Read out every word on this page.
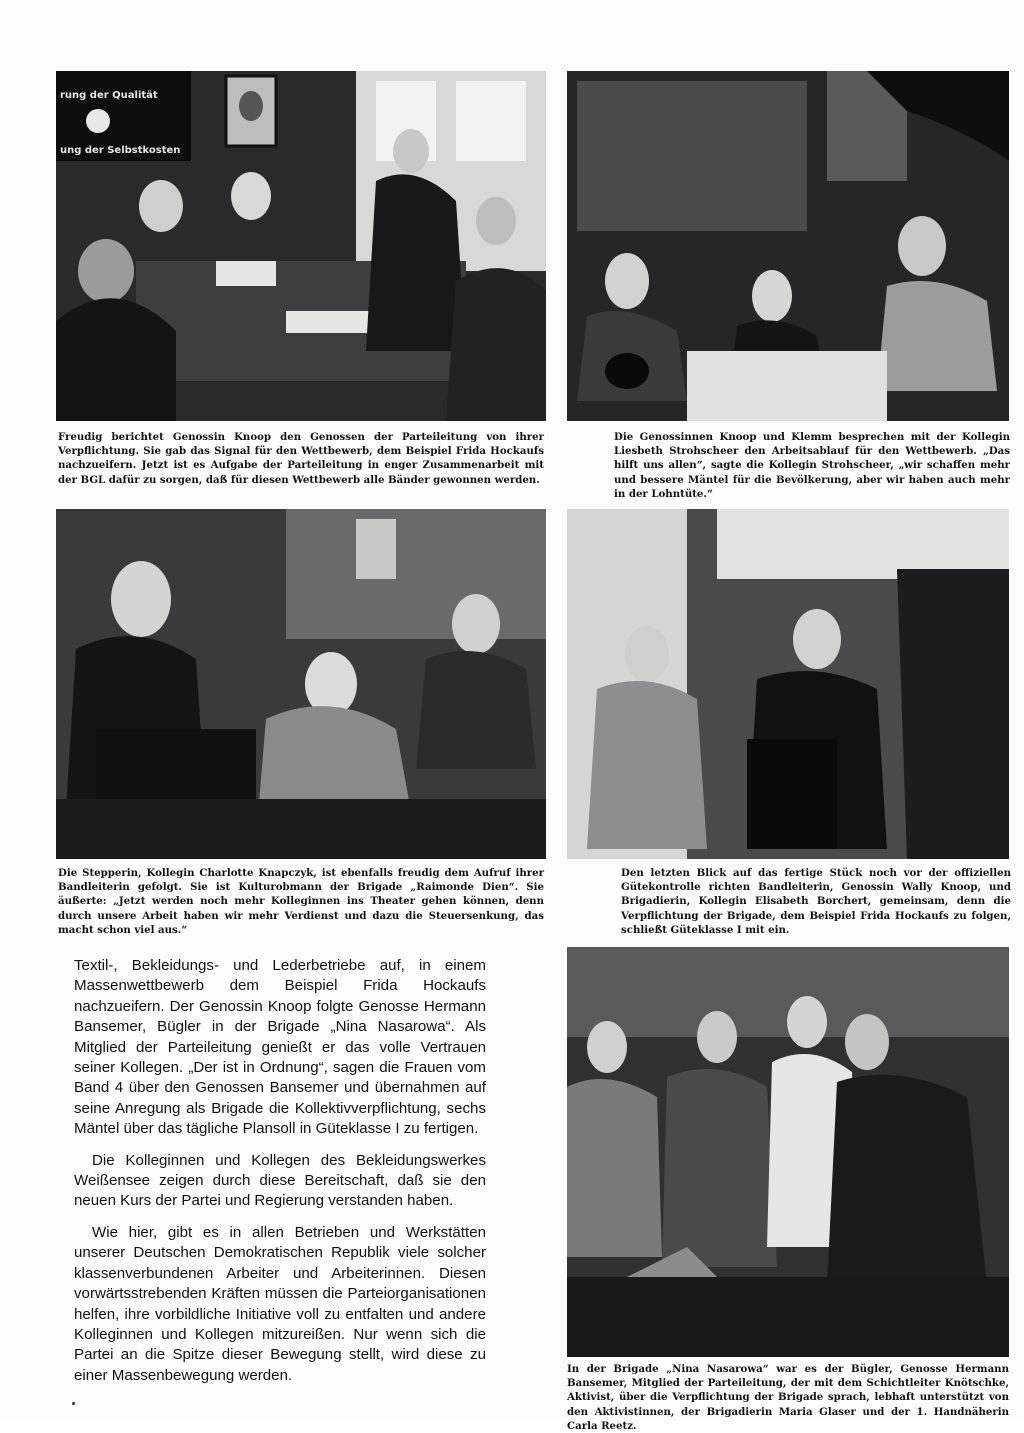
rung der Qualität
ung der Selbstkosten

Freudig berichtet Genossin Knoop den Genossen der Parteileitung von ihrer Verpflichtung. Sie gab das Signal für den Wettbewerb, dem Beispiel Frida Hockaufs nachzueifern. Jetzt ist es Aufgabe der Parteileitung in enger Zusammenarbeit mit der BGL dafür zu sorgen, daß für diesen Wettbewerb alle Bänder gewonnen werden.

Die Genossinnen Knoop und Klemm besprechen mit der Kollegin Liesbeth Strohscheer den Arbeitsablauf für den Wettbewerb. „Das hilft uns allen“, sagte die Kollegin Strohscheer, „wir schaffen mehr und bessere Mäntel für die Bevölkerung, aber wir haben auch mehr in der Lohntüte.“

Die Stepperin, Kollegin Charlotte Knapczyk, ist ebenfalls freudig dem Aufruf ihrer Bandleiterin gefolgt. Sie ist Kulturobmann der Brigade „Raimonde Dien“. Sie äußerte: „Jetzt werden noch mehr Kolleginnen ins Theater gehen können, denn durch unsere Arbeit haben wir mehr Verdienst und dazu die Steuersenkung, das macht schon viel aus.“

Den letzten Blick auf das fertige Stück noch vor der offiziellen Gütekontrolle richten Bandleiterin, Genossin Wally Knoop, und Brigadierin, Kollegin Elisabeth Borchert, gemeinsam, denn die Verpflichtung der Brigade, dem Beispiel Frida Hockaufs zu folgen, schließt Güteklasse I mit ein.

Textil-, Bekleidungs- und Lederbetriebe auf, in einem Massenwettbewerb dem Beispiel Frida Hockaufs nachzueifern. Der Genossin Knoop folgte Genosse Hermann Bansemer, Bügler in der Brigade „Nina Nasarowa“. Als Mitglied der Parteileitung genießt er das volle Vertrauen seiner Kollegen. „Der ist in Ordnung“, sagen die Frauen vom Band 4 über den Genossen Bansemer und übernahmen auf seine Anregung als Brigade die Kollektivverpflichtung, sechs Mäntel über das tägliche Plansoll in Güteklasse I zu fertigen.

Die Kolleginnen und Kollegen des Bekleidungswerkes Weißensee zeigen durch diese Bereitschaft, daß sie den neuen Kurs der Partei und Regierung verstanden haben.

Wie hier, gibt es in allen Betrieben und Werkstätten unserer Deutschen Demokratischen Republik viele solcher klassenverbundenen Arbeiter und Arbeiterinnen. Diesen vorwärtsstrebenden Kräften müssen die Parteiorganisationen helfen, ihre vorbildliche Initiative voll zu entfalten und andere Kolleginnen und Kollegen mitzureißen. Nur wenn sich die Partei an die Spitze dieser Bewegung stellt, wird diese zu einer Massenbewegung werden.	In der Brigade „Nina Nasarowa“ war es der Bügler, Genosse Hermann Bansemer, Mitglied der Parteileitung, der mit dem Schichtleiter Knötschke, Aktivist, über die Verpflichtung der Brigade sprach, lebhaft unterstützt von den Aktivistinnen, der Brigadierin Maria Glaser und der 1. Handnäherin Carla Reetz.
